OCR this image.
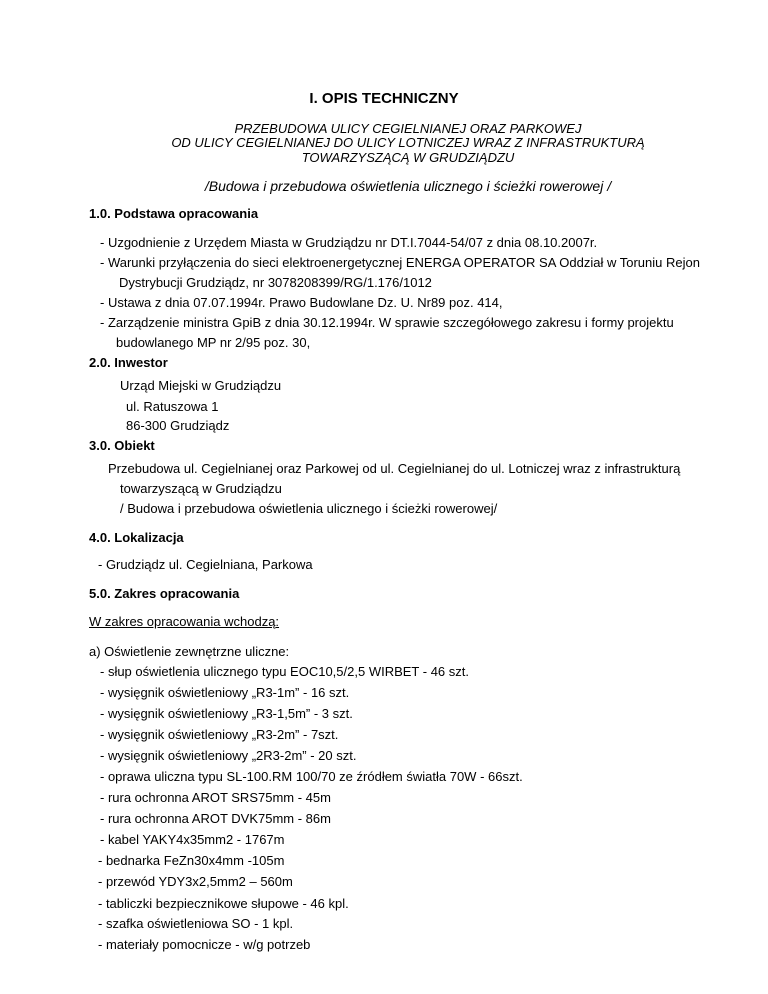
I. OPIS TECHNICZNY
PRZEBUDOWA ULICY CEGIELNIANEJ ORAZ PARKOWEJ
OD ULICY CEGIELNIANEJ DO ULICY LOTNICZEJ WRAZ Z INFRASTRUKTURĄ
TOWARZYSZĄCĄ W GRUDZIĄDZU
/Budowa i przebudowa oświetlenia ulicznego i ścieżki rowerowej /
1.0. Podstawa opracowania
- Uzgodnienie z Urzędem Miasta w Grudziądzu nr DT.I.7044-54/07 z dnia 08.10.2007r.
- Warunki przyłączenia do sieci elektroenergetycznej ENERGA OPERATOR SA Oddział w Toruniu Rejon
Dystrybucji Grudziądz, nr 3078208399/RG/1.176/1012
- Ustawa z dnia 07.07.1994r. Prawo Budowlane Dz. U. Nr89 poz. 414,
- Zarządzenie ministra GpiB z dnia 30.12.1994r. W sprawie szczegółowego zakresu i formy projektu
budowlanego MP nr 2/95 poz. 30,
2.0. Inwestor
Urząd Miejski w Grudziądzu
ul. Ratuszowa 1
86-300 Grudziądz
3.0. Obiekt
Przebudowa ul. Cegielnianej oraz Parkowej od ul. Cegielnianej do ul. Lotniczej wraz z infrastrukturą
towarzyszącą w Grudziądzu
/ Budowa i przebudowa oświetlenia ulicznego i ścieżki rowerowej/
4.0. Lokalizacja
- Grudziądz ul. Cegielniana, Parkowa
5.0. Zakres opracowania
W zakres opracowania wchodzą:
a) Oświetlenie zewnętrzne uliczne:
- słup oświetlenia ulicznego typu EOC10,5/2,5 WIRBET - 46 szt.
- wysięgnik oświetleniowy „R3-1m” - 16 szt.
- wysięgnik oświetleniowy „R3-1,5m” - 3 szt.
- wysięgnik oświetleniowy „R3-2m” - 7szt.
- wysięgnik oświetleniowy „2R3-2m” - 20 szt.
- oprawa uliczna typu SL-100.RM 100/70 ze źródłem światła 70W - 66szt.
- rura ochronna AROT SRS75mm - 45m
- rura ochronna AROT DVK75mm - 86m
- kabel YAKY4x35mm2 - 1767m
- bednarka FeZn30x4mm -105m
- przewód YDY3x2,5mm2 – 560m
- tabliczki bezpiecznikowe słupowe - 46 kpl.
- szafka oświetleniowa SO - 1 kpl.
- materiały pomocnicze - w/g potrzeb
